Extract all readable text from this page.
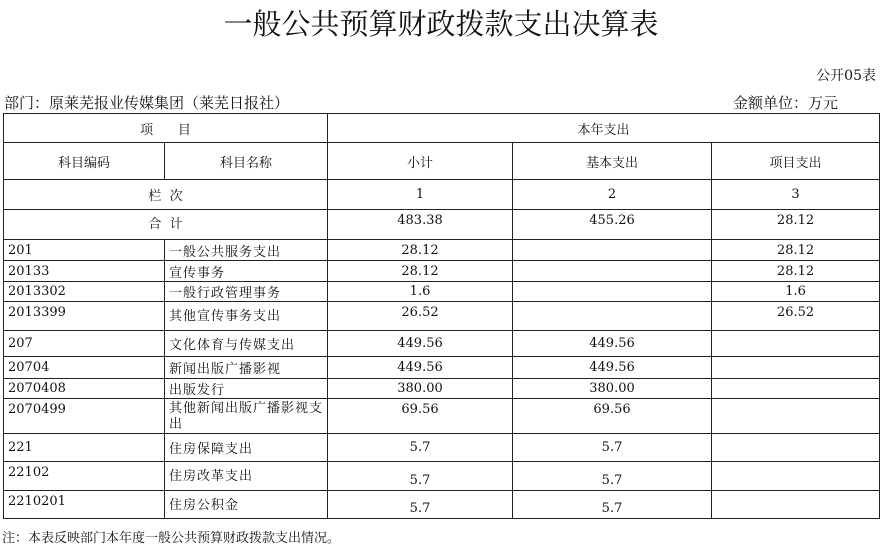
一般公共预算财政拨款支出决算表
公开05表
部门：原莱芜报业传媒集团（莱芜日报社）	金额单位：万元
项      目		本年支出		
科目编码	科目名称	小计	基本支出	项目支出
栏  次		1	2	3
合  计		483.38	455.26	28.12
201	一般公共服务支出	28.12		28.12
20133	宣传事务	28.12		28.12
2013302	一般行政管理事务	1.6		1.6
2013399	其他宣传事务支出	26.52		26.52
207	文化体育与传媒支出	449.56	449.56	
20704	新闻出版广播影视	449.56	449.56	
2070408	出版发行	380.00	380.00	
2070499	其他新闻出版广播影视支出	69.56	69.56	
221	住房保障支出	5.7	5.7	
22102	住房改革支出	5.7	5.7	
2210201	住房公积金	5.7	5.7	
注：本表反映部门本年度一般公共预算财政拨款支出情况。
